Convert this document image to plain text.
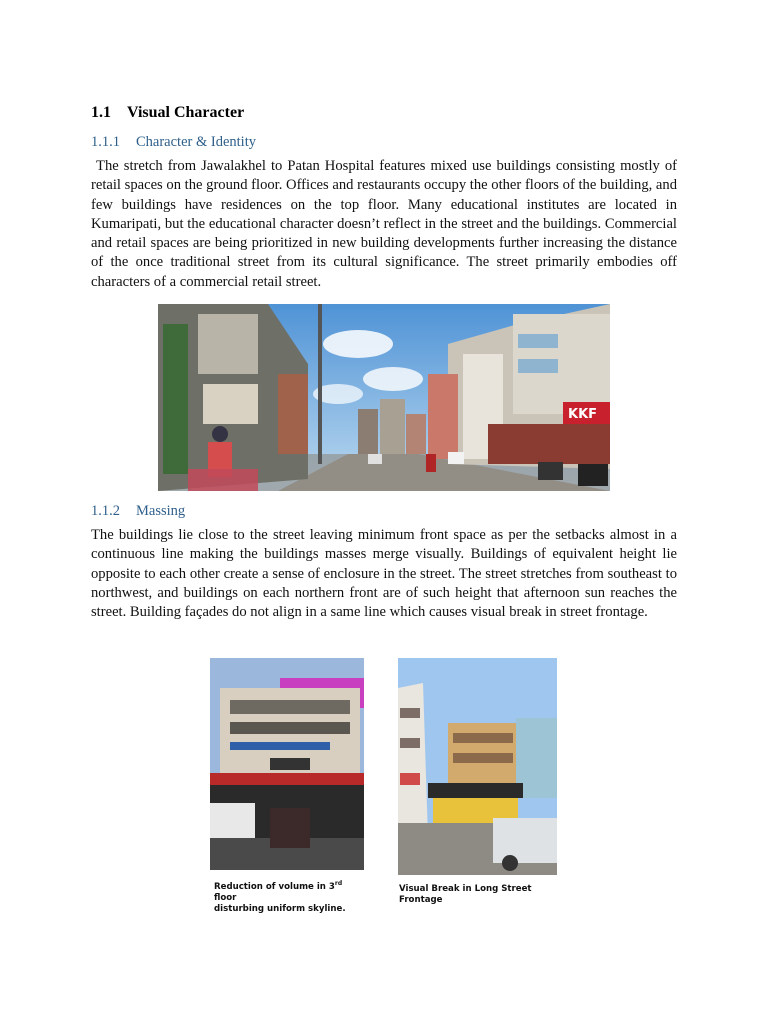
1.1 Visual Character
1.1.1 Character & Identity

The stretch from Jawalakhel to Patan Hospital features mixed use buildings consisting mostly of retail spaces on the ground floor. Offices and restaurants occupy the other floors of the building, and few buildings have residences on the top floor. Many educational institutes are located in Kumaripati, but the educational character doesn’t reflect in the street and the buildings. Commercial and retail spaces are being prioritized in new building developments further increasing the distance of the once traditional street from its cultural significance. The street primarily embodies off characters of a commercial retail street.

KKF
1.1.2 Massing

The buildings lie close to the street leaving minimum front space as per the setbacks almost in a continuous line making the buildings masses merge visually. Buildings of equivalent height lie opposite to each other create a sense of enclosure in the street. The street stretches from southeast to northwest, and buildings on each northern front are of such height that afternoon sun reaches the street. Building façades do not align in a same line which causes visual break in street frontage.

Reduction of volume in 3rd floor
disturbing uniform skyline.
Visual Break in Long Street Frontage
